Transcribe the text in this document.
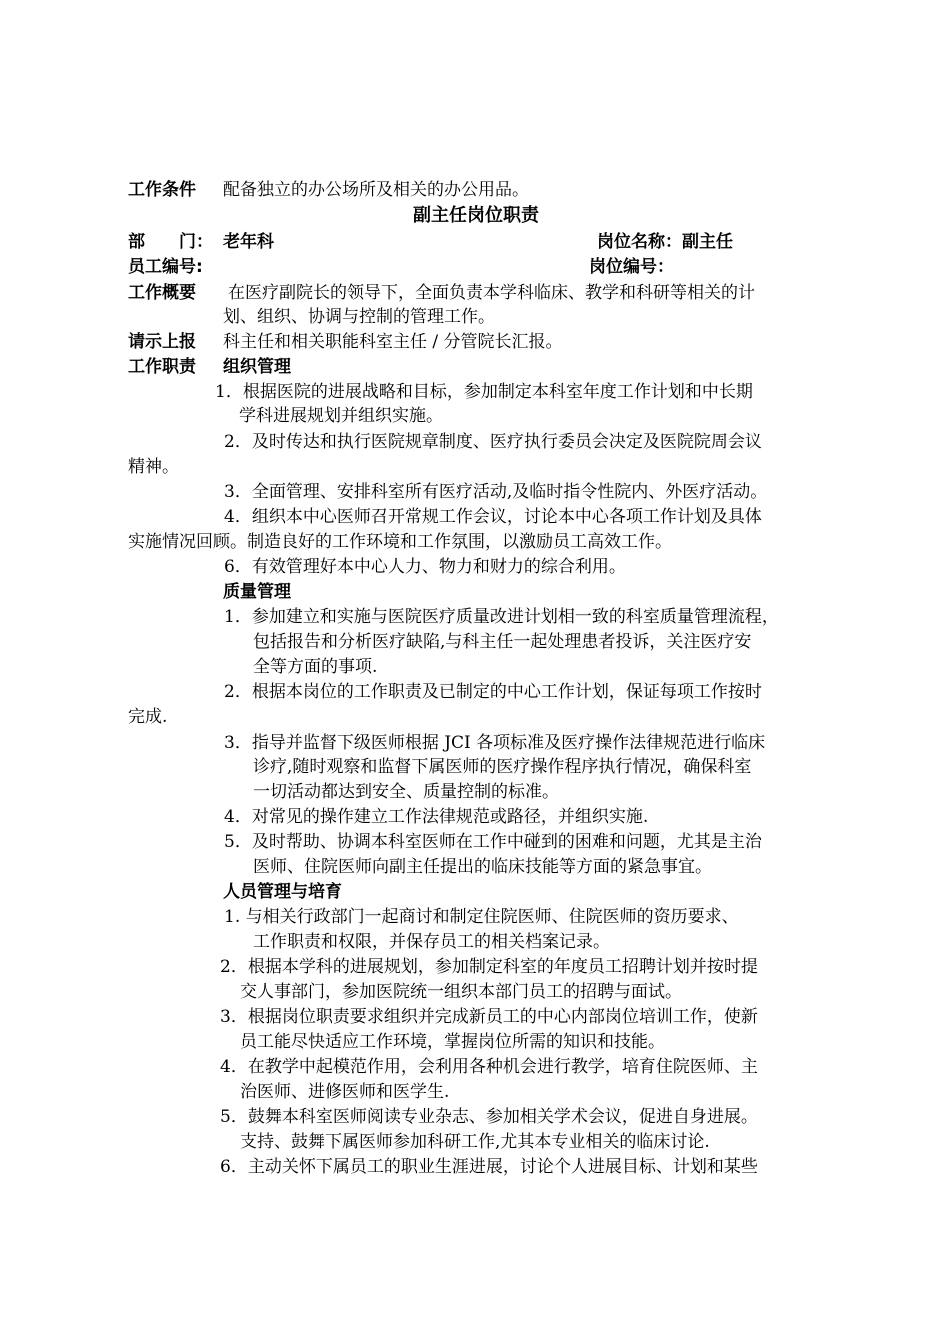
工作条件 配备独立的办公场所及相关的办公用品。
副主任岗位职责
部　　门： 老年科	岗位名称： 副主任
员工编号:	岗位编号：
工作概要 在医疗副院长的领导下，全面负责本学科临床、教学和科研等相关的计
划、组织、协调与控制的管理工作。
请示上报 科主任和相关职能科室主任 / 分管院长汇报。
工作职责 组织管理
1．根据医院的进展战略和目标，参加制定本科室年度工作计划和中长期
学科进展规划并组织实施。
2．及时传达和执行医院规章制度、医疗执行委员会决定及医院院周会议
精神。
3．全面管理、安排科室所有医疗活动,及临时指令性院内、外医疗活动。
4．组织本中心医师召开常规工作会议，讨论本中心各项工作计划及具体
实施情况回顾。制造良好的工作环境和工作氛围，以激励员工高效工作。
6．有效管理好本中心人力、物力和财力的综合利用。
质量管理
1．参加建立和实施与医院医疗质量改进计划相一致的科室质量管理流程，
包括报告和分析医疗缺陷,与科主任一起处理患者投诉，关注医疗安
全等方面的事项.
2．根据本岗位的工作职责及已制定的中心工作计划，保证每项工作按时
完成.
3．指导并监督下级医师根据 JCI 各项标准及医疗操作法律规范进行临床
诊疗,随时观察和监督下属医师的医疗操作程序执行情况，确保科室
一切活动都达到安全、质量控制的标准。
4．对常见的操作建立工作法律规范或路径，并组织实施.
5．及时帮助、协调本科室医师在工作中碰到的困难和问题，尤其是主治
医师、住院医师向副主任提出的临床技能等方面的紧急事宜。
人员管理与培育
1. 与相关行政部门一起商讨和制定住院医师、住院医师的资历要求、
工作职责和权限，并保存员工的相关档案记录。
2．根据本学科的进展规划，参加制定科室的年度员工招聘计划并按时提
交人事部门，参加医院统一组织本部门员工的招聘与面试。
3．根据岗位职责要求组织并完成新员工的中心内部岗位培训工作，使新
员工能尽快适应工作环境，掌握岗位所需的知识和技能。
4．在教学中起模范作用，会利用各种机会进行教学，培育住院医师、主
治医师、进修医师和医学生.
5．鼓舞本科室医师阅读专业杂志、参加相关学术会议，促进自身进展。
支持、鼓舞下属医师参加科研工作,尤其本专业相关的临床讨论.
6．主动关怀下属员工的职业生涯进展，讨论个人进展目标、计划和某些
